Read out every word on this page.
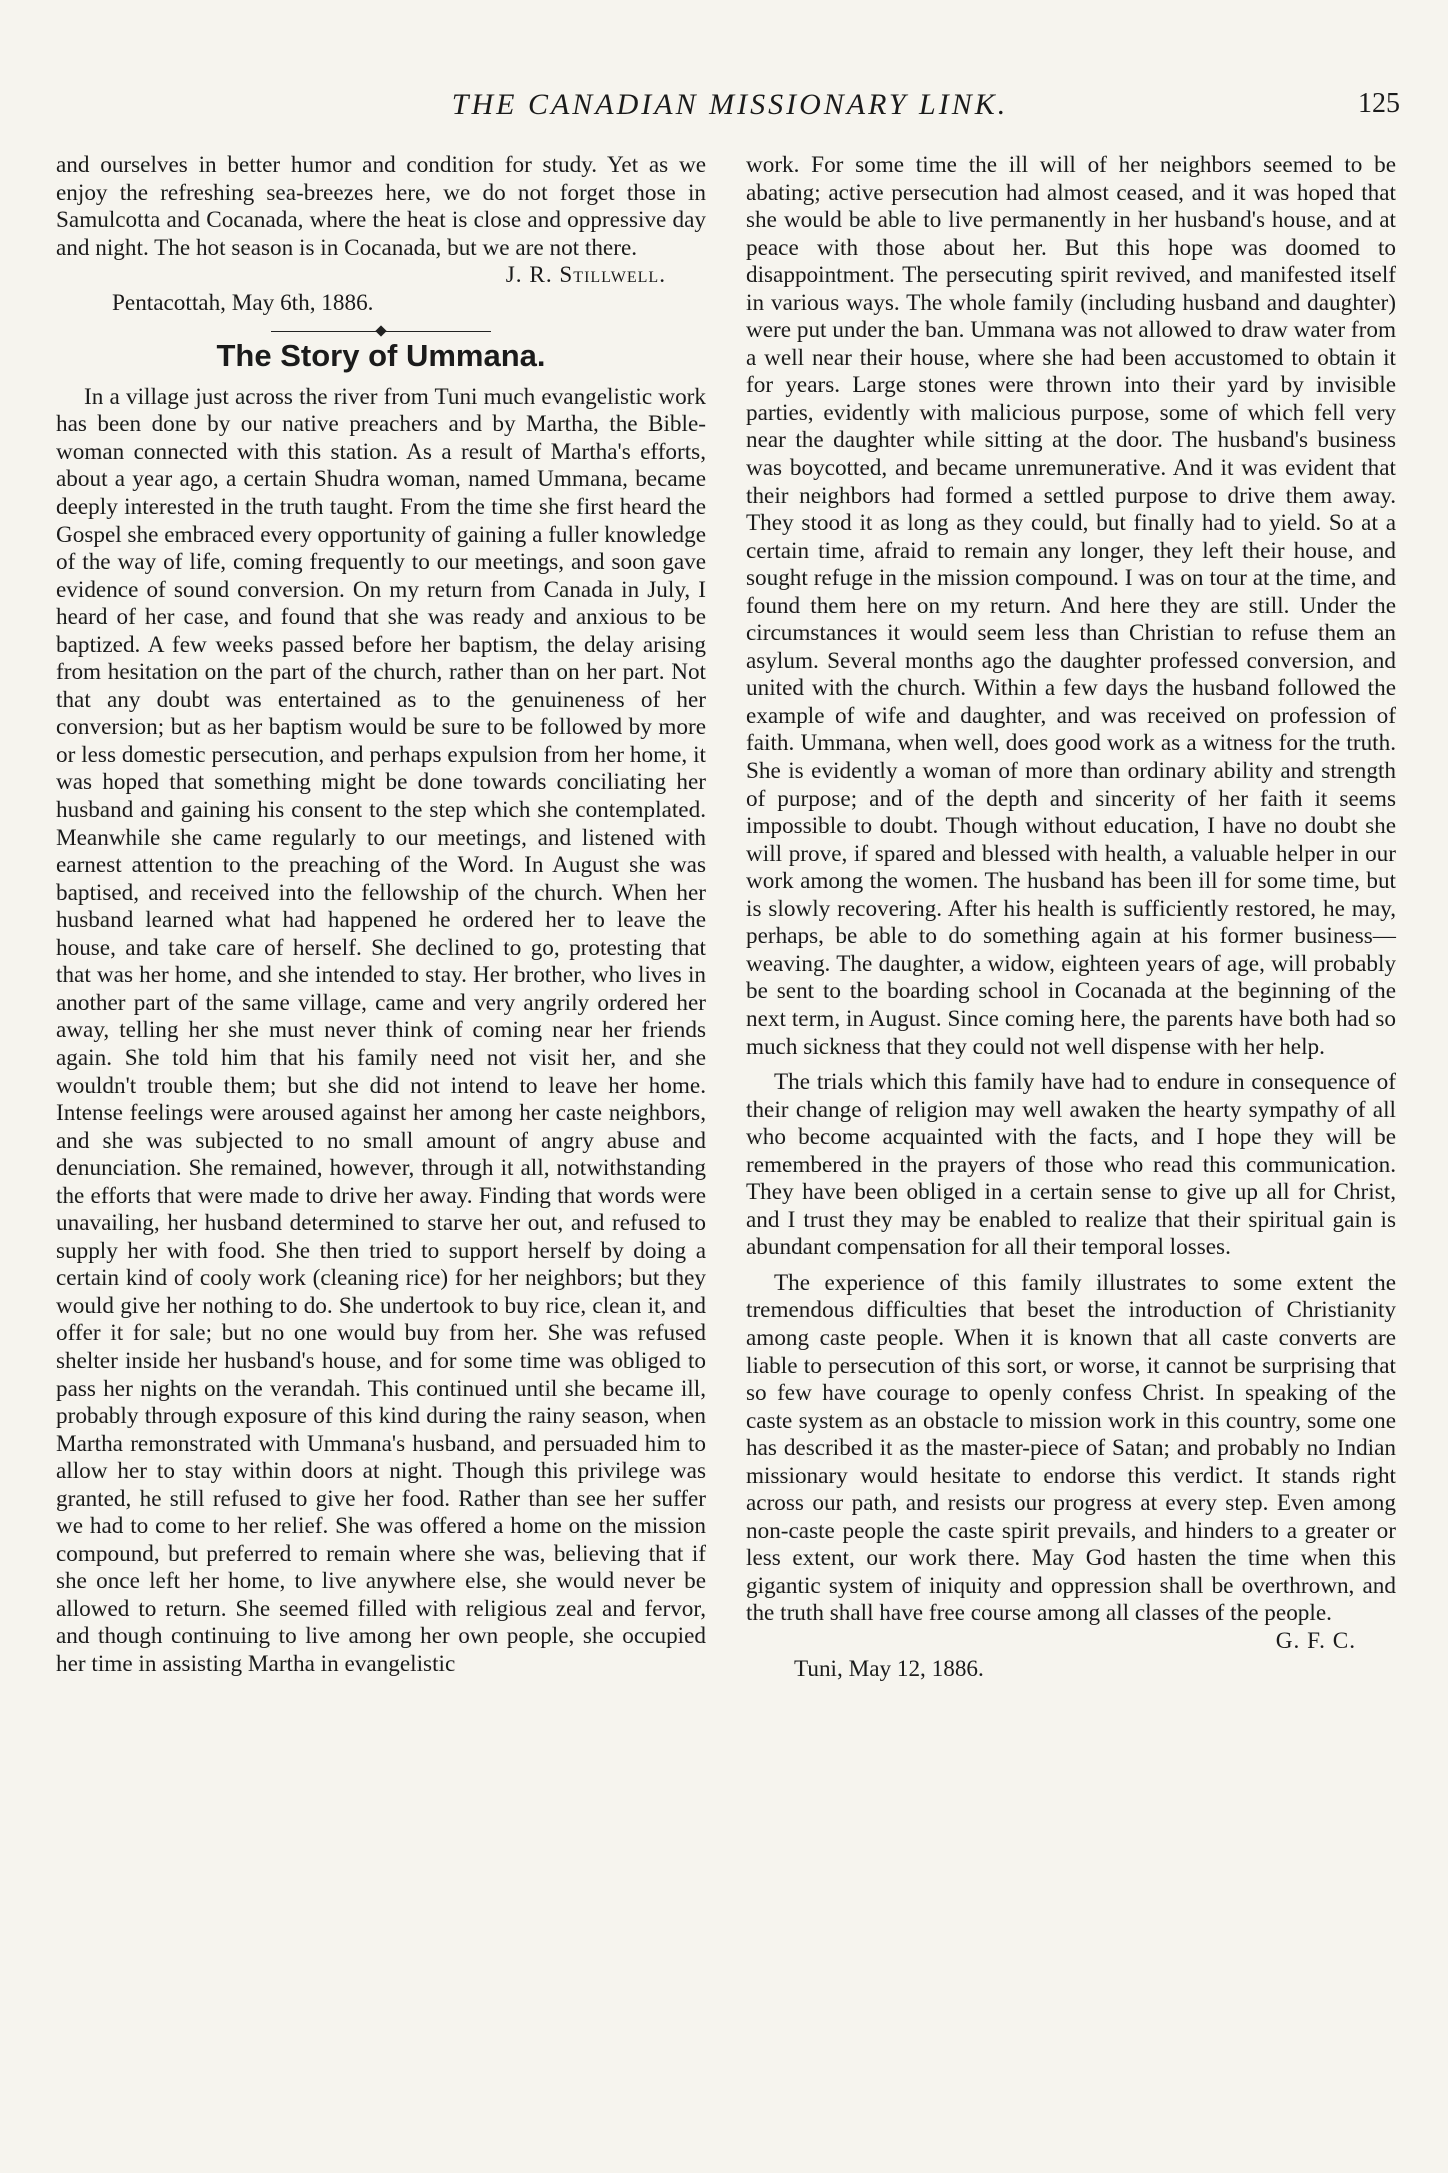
THE CANADIAN MISSIONARY LINK.	125

and ourselves in better humor and condition for study. Yet as we enjoy the refreshing sea-breezes here, we do not forget those in Samulcotta and Cocanada, where the heat is close and oppressive day and night. The hot season is in Cocanada, but we are not there.

J. R. Stillwell.

Pentacottah, May 6th, 1886.

The Story of Ummana.

In a village just across the river from Tuni much evangelistic work has been done by our native preachers and by Martha, the Bible-woman connected with this station. As a result of Martha's efforts, about a year ago, a certain Shudra woman, named Ummana, became deeply interested in the truth taught. From the time she first heard the Gospel she embraced every opportunity of gaining a fuller knowledge of the way of life, coming frequently to our meetings, and soon gave evidence of sound conversion. On my return from Canada in July, I heard of her case, and found that she was ready and anxious to be baptized. A few weeks passed before her baptism, the delay arising from hesitation on the part of the church, rather than on her part. Not that any doubt was entertained as to the genuineness of her conversion; but as her baptism would be sure to be followed by more or less domestic persecution, and perhaps expulsion from her home, it was hoped that something might be done towards conciliating her husband and gaining his consent to the step which she contemplated. Meanwhile she came regularly to our meetings, and listened with earnest attention to the preaching of the Word. In August she was baptised, and received into the fellowship of the church. When her husband learned what had happened he ordered her to leave the house, and take care of herself. She declined to go, protesting that that was her home, and she intended to stay. Her brother, who lives in another part of the same village, came and very angrily ordered her away, telling her she must never think of coming near her friends again. She told him that his family need not visit her, and she wouldn't trouble them; but she did not intend to leave her home. Intense feelings were aroused against her among her caste neighbors, and she was subjected to no small amount of angry abuse and denunciation. She remained, however, through it all, notwithstanding the efforts that were made to drive her away. Finding that words were unavailing, her husband determined to starve her out, and refused to supply her with food. She then tried to support herself by doing a certain kind of cooly work (cleaning rice) for her neighbors; but they would give her nothing to do. She undertook to buy rice, clean it, and offer it for sale; but no one would buy from her. She was refused shelter inside her husband's house, and for some time was obliged to pass her nights on the verandah. This continued until she became ill, probably through exposure of this kind during the rainy season, when Martha remonstrated with Ummana's husband, and persuaded him to allow her to stay within doors at night. Though this privilege was granted, he still refused to give her food. Rather than see her suffer we had to come to her relief. She was offered a home on the mission compound, but preferred to remain where she was, believing that if she once left her home, to live anywhere else, she would never be allowed to return. She seemed filled with religious zeal and fervor, and though continuing to live among her own people, she occupied her time in assisting Martha in evangelistic

work. For some time the ill will of her neighbors seemed to be abating; active persecution had almost ceased, and it was hoped that she would be able to live permanently in her husband's house, and at peace with those about her. But this hope was doomed to disappointment. The persecuting spirit revived, and manifested itself in various ways. The whole family (including husband and daughter) were put under the ban. Ummana was not allowed to draw water from a well near their house, where she had been accustomed to obtain it for years. Large stones were thrown into their yard by invisible parties, evidently with malicious purpose, some of which fell very near the daughter while sitting at the door. The husband's business was boycotted, and became unremunerative. And it was evident that their neighbors had formed a settled purpose to drive them away. They stood it as long as they could, but finally had to yield. So at a certain time, afraid to remain any longer, they left their house, and sought refuge in the mission compound. I was on tour at the time, and found them here on my return. And here they are still. Under the circumstances it would seem less than Christian to refuse them an asylum. Several months ago the daughter professed conversion, and united with the church. Within a few days the husband followed the example of wife and daughter, and was received on profession of faith. Ummana, when well, does good work as a witness for the truth. She is evidently a woman of more than ordinary ability and strength of purpose; and of the depth and sincerity of her faith it seems impossible to doubt. Though without education, I have no doubt she will prove, if spared and blessed with health, a valuable helper in our work among the women. The husband has been ill for some time, but is slowly recovering. After his health is sufficiently restored, he may, perhaps, be able to do something again at his former business—weaving. The daughter, a widow, eighteen years of age, will probably be sent to the boarding school in Cocanada at the beginning of the next term, in August. Since coming here, the parents have both had so much sickness that they could not well dispense with her help.

The trials which this family have had to endure in consequence of their change of religion may well awaken the hearty sympathy of all who become acquainted with the facts, and I hope they will be remembered in the prayers of those who read this communication. They have been obliged in a certain sense to give up all for Christ, and I trust they may be enabled to realize that their spiritual gain is abundant compensation for all their temporal losses.

The experience of this family illustrates to some extent the tremendous difficulties that beset the introduction of Christianity among caste people. When it is known that all caste converts are liable to persecution of this sort, or worse, it cannot be surprising that so few have courage to openly confess Christ. In speaking of the caste system as an obstacle to mission work in this country, some one has described it as the master-piece of Satan; and probably no Indian missionary would hesitate to endorse this verdict. It stands right across our path, and resists our progress at every step. Even among non-caste people the caste spirit prevails, and hinders to a greater or less extent, our work there. May God hasten the time when this gigantic system of iniquity and oppression shall be overthrown, and the truth shall have free course among all classes of the people.

G. F. C.

Tuni, May 12, 1886.
